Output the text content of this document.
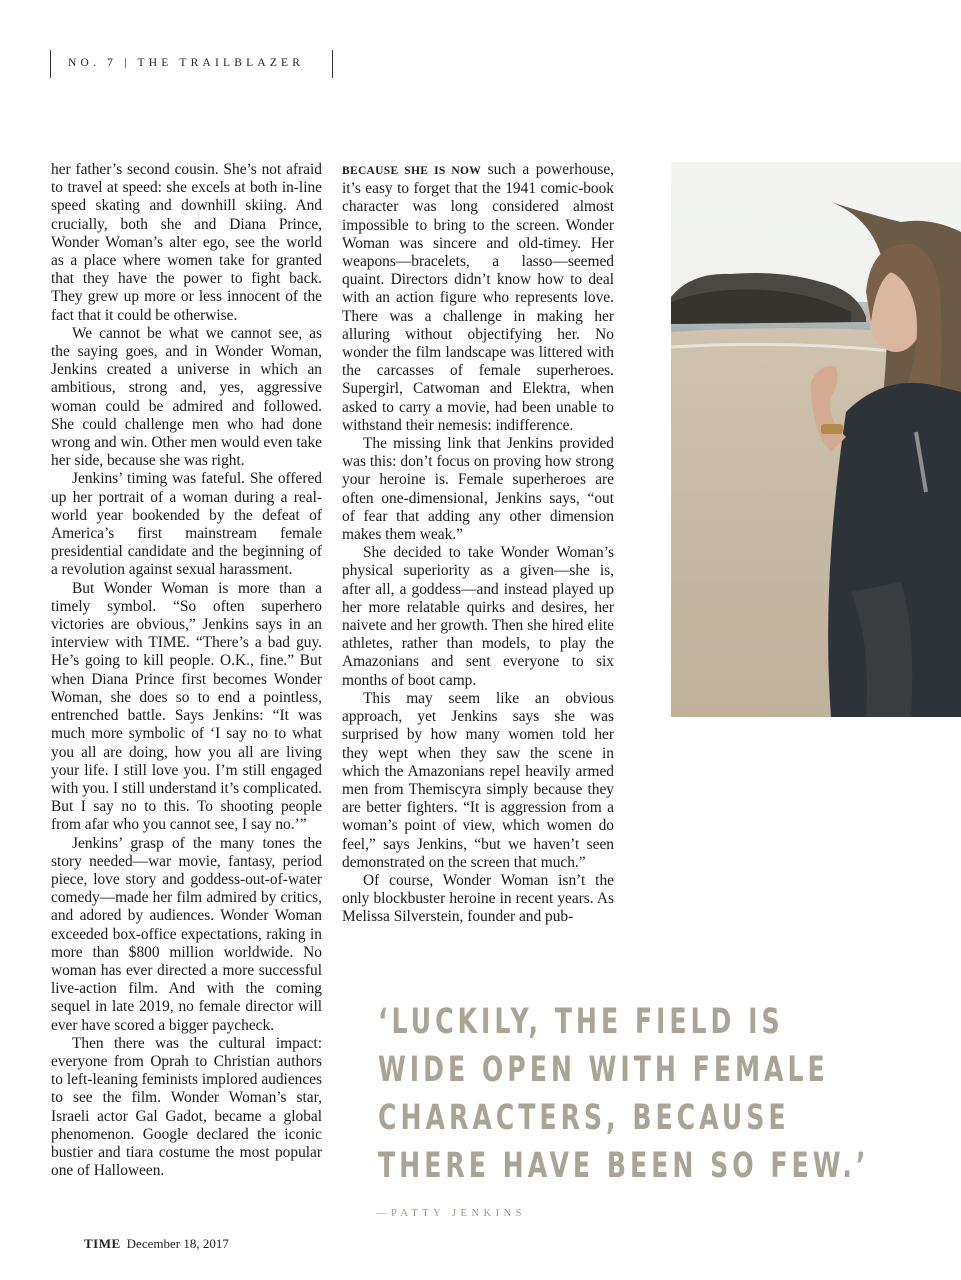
NO. 7 | THE TRAILBLAZER

her father’s second cousin. She’s not afraid to travel at speed: she excels at both in-line speed skating and downhill skiing. And crucially, both she and Diana Prince, Wonder Woman’s alter ego, see the world as a place where women take for granted that they have the power to fight back. They grew up more or less innocent of the fact that it could be otherwise.

We cannot be what we cannot see, as the saying goes, and in Wonder Woman, Jenkins created a universe in which an ambitious, strong and, yes, aggressive woman could be admired and followed. She could challenge men who had done wrong and win. Other men would even take her side, because she was right.

Jenkins’ timing was fateful. She offered up her portrait of a woman during a real-world year bookended by the defeat of America’s first mainstream female presidential candidate and the beginning of a revolution against sexual harassment.

But Wonder Woman is more than a timely symbol. “So often superhero victories are obvious,” Jenkins says in an interview with TIME. “There’s a bad guy. He’s going to kill people. O.K., fine.” But when Diana Prince first becomes Wonder Woman, she does so to end a pointless, entrenched battle. Says Jenkins: “It was much more symbolic of ‘I say no to what you all are doing, how you all are living your life. I still love you. I’m still engaged with you. I still understand it’s complicated. But I say no to this. To shooting people from afar who you cannot see, I say no.’”

Jenkins’ grasp of the many tones the story needed—war movie, fantasy, period piece, love story and goddess-out-of-water comedy—made her film admired by critics, and adored by audiences. Wonder Woman exceeded box-office expectations, raking in more than $800 million worldwide. No woman has ever directed a more successful live-action film. And with the coming sequel in late 2019, no female director will ever have scored a bigger paycheck.

Then there was the cultural impact: everyone from Oprah to Christian authors to left-leaning feminists implored audiences to see the film. Wonder Woman’s star, Israeli actor Gal Gadot, became a global phenomenon. Google declared the iconic bustier and tiara costume the most popular one of Halloween.

BECAUSE SHE IS NOW such a powerhouse, it’s easy to forget that the 1941 comic-book character was long considered almost impossible to bring to the screen. Wonder Woman was sincere and old-timey. Her weapons—bracelets, a lasso—seemed quaint. Directors didn’t know how to deal with an action figure who represents love. There was a challenge in making her alluring without objectifying her. No wonder the film landscape was littered with the carcasses of female superheroes. Supergirl, Catwoman and Elektra, when asked to carry a movie, had been unable to withstand their nemesis: indifference.

The missing link that Jenkins provided was this: don’t focus on proving how strong your heroine is. Female superheroes are often one-dimensional, Jenkins says, “out of fear that adding any other dimension makes them weak.”

She decided to take Wonder Woman’s physical superiority as a given—she is, after all, a goddess—and instead played up her more relatable quirks and desires, her naivete and her growth. Then she hired elite athletes, rather than models, to play the Amazonians and sent everyone to six months of boot camp.

This may seem like an obvious approach, yet Jenkins says she was surprised by how many women told her they wept when they saw the scene in which the Amazonians repel heavily armed men from Themiscyra simply because they are better fighters. “It is aggression from a woman’s point of view, which women do feel,” says Jenkins, “but we haven’t seen demonstrated on the screen that much.”

Of course, Wonder Woman isn’t the only blockbuster heroine in recent years. As Melissa Silverstein, founder and pub-

‘LUCKILY, THE FIELD IS
WIDE OPEN WITH FEMALE
CHARACTERS, BECAUSE
THERE HAVE BEEN SO FEW.’
—PATTY JENKINS
TIME December 18, 2017
